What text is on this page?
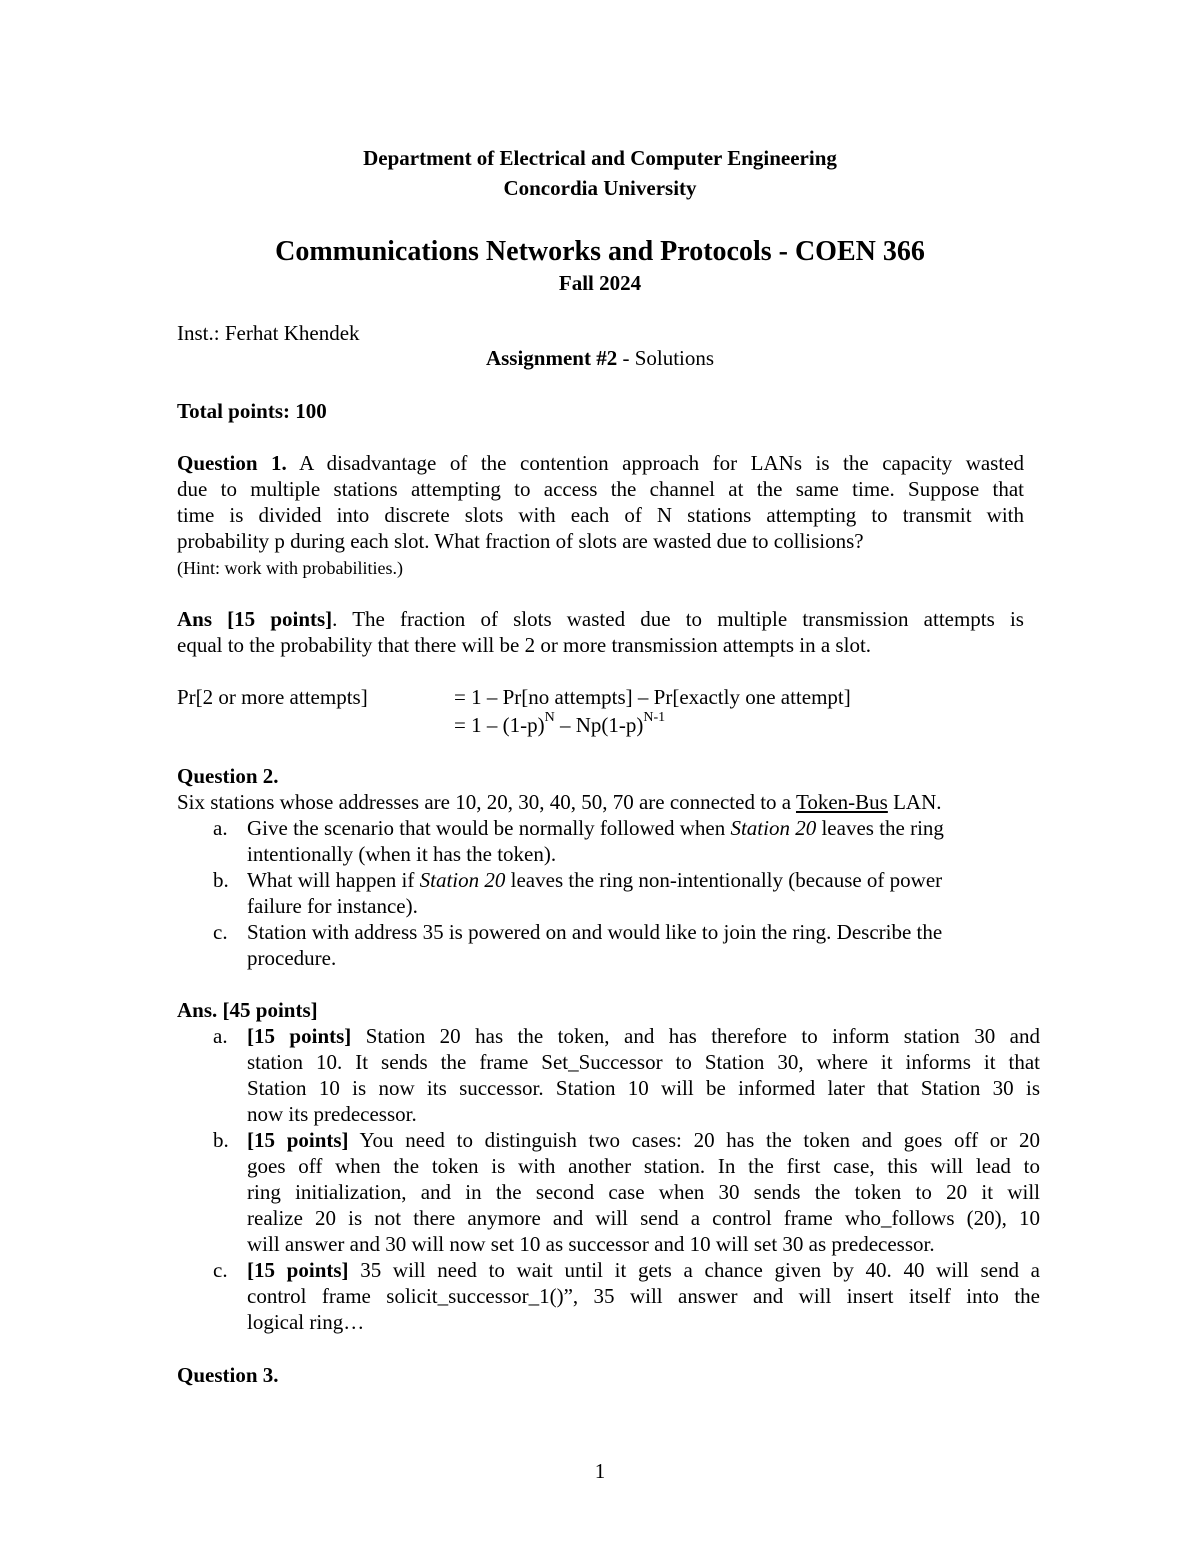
Department of Electrical and Computer Engineering
Concordia University
Communications Networks and Protocols - COEN 366
Fall 2024
Inst.: Ferhat Khendek
Assignment #2 - Solutions
Total points: 100
Question 1. A disadvantage of the contention approach for LANs is the capacity wasted
due to multiple stations attempting to access the channel at the same time. Suppose that
time is divided into discrete slots with each of N stations attempting to transmit with
probability p during each slot. What fraction of slots are wasted due to collisions?
(Hint: work with probabilities.)
Ans [15 points]. The fraction of slots wasted due to multiple transmission attempts is
equal to the probability that there will be 2 or more transmission attempts in a slot.
Pr[2 or more attempts]	= 1 – Pr[no attempts] – Pr[exactly one attempt]
= $1 - (1-p)^N - Np(1-p)^{N-1}$
Question 2.
Six stations whose addresses are 10, 20, 30, 40, 50, 70 are connected to a Token-Bus LAN.
a. Give the scenario that would be normally followed when Station 20 leaves the ring
intentionally (when it has the token).
b. What will happen if Station 20 leaves the ring non-intentionally (because of power
failure for instance).
c. Station with address 35 is powered on and would like to join the ring. Describe the
procedure.
Ans. [45 points]
a. [15 points] Station 20 has the token, and has therefore to inform station 30 and
station 10. It sends the frame Set_Successor to Station 30, where it informs it that
Station 10 is now its successor. Station 10 will be informed later that Station 30 is
now its predecessor.
b. [15 points] You need to distinguish two cases: 20 has the token and goes off or 20
goes off when the token is with another station. In the first case, this will lead to
ring initialization, and in the second case when 30 sends the token to 20 it will
realize 20 is not there anymore and will send a control frame who_follows (20), 10
will answer and 30 will now set 10 as successor and 10 will set 30 as predecessor.
c. [15 points] 35 will need to wait until it gets a chance given by 40. 40 will send a
control frame solicit_successor_1()”, 35 will answer and will insert itself into the
logical ring…
Question 3.
1
